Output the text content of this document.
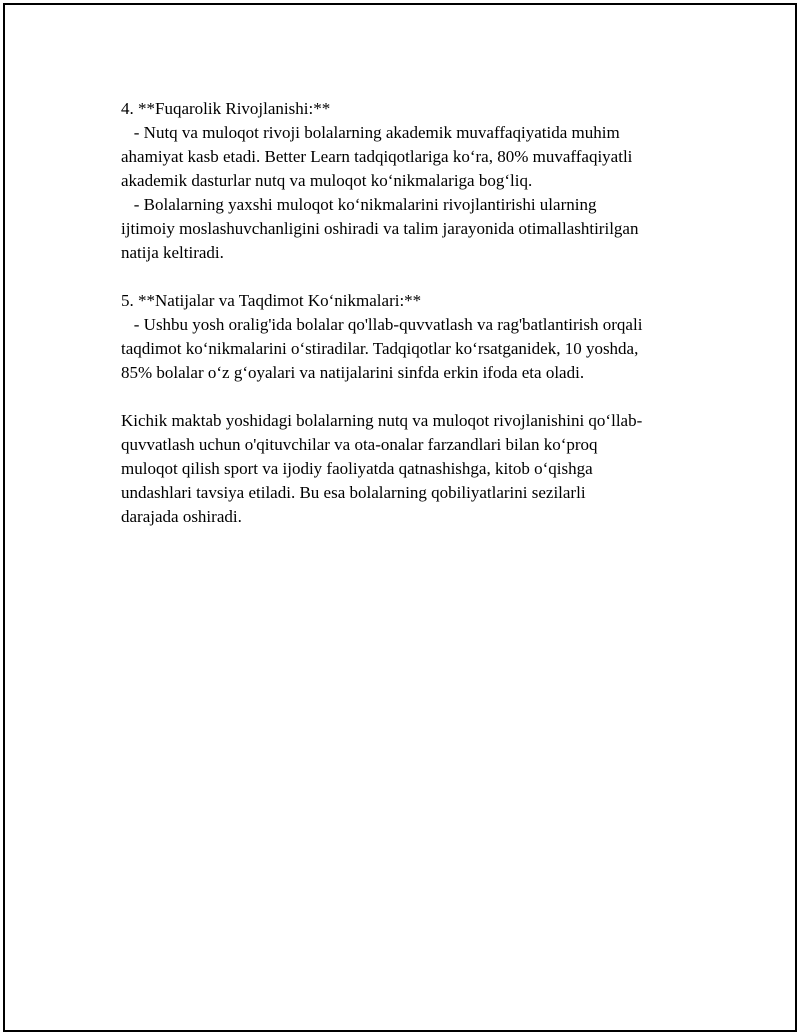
4. **Fuqarolik Rivojlanishi:**
- Nutq va muloqot rivoji bolalarning akademik muvaffaqiyatida muhim
ahamiyat kasb etadi. Better Learn tadqiqotlariga ko‘ra, 80% muvaffaqiyatli
akademik dasturlar nutq va muloqot ko‘nikmalariga bog‘liq.
- Bolalarning yaxshi muloqot ko‘nikmalarini rivojlantirishi ularning
ijtimoiy moslashuvchanligini oshiradi va talim jarayonida otimallashtirilgan
natija keltiradi.
5. **Natijalar va Taqdimot Ko‘nikmalari:**
- Ushbu yosh oralig'ida bolalar qo'llab-quvvatlash va rag'batlantirish orqali
taqdimot ko‘nikmalarini o‘stiradilar. Tadqiqotlar ko‘rsatganidek, 10 yoshda,
85% bolalar o‘z g‘oyalari va natijalarini sinfda erkin ifoda eta oladi.
Kichik maktab yoshidagi bolalarning nutq va muloqot rivojlanishini qo‘llab-
quvvatlash uchun o'qituvchilar va ota-onalar farzandlari bilan ko‘proq
muloqot qilish sport va ijodiy faoliyatda qatnashishga, kitob o‘qishga
undashlari tavsiya etiladi. Bu esa bolalarning qobiliyatlarini sezilarli
darajada oshiradi.
